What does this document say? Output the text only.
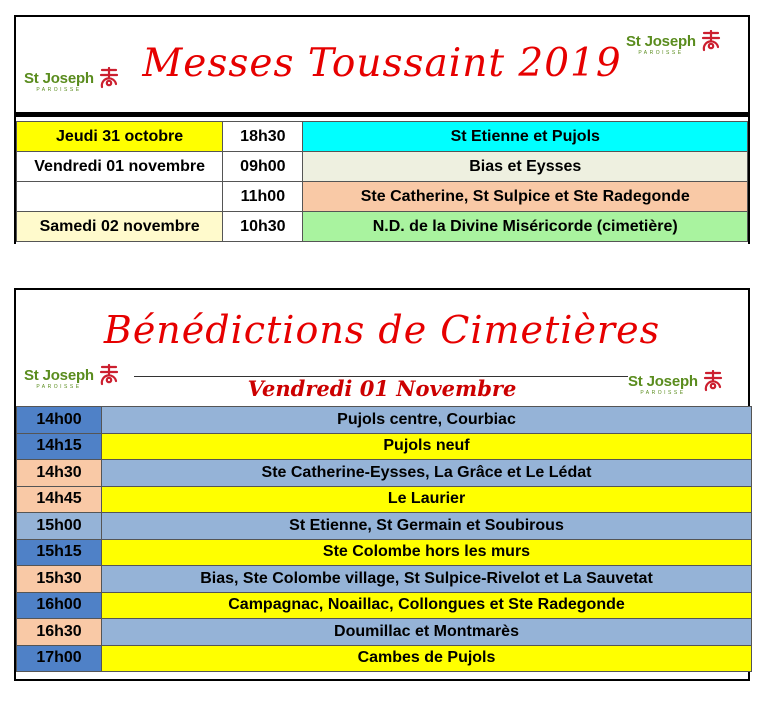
St Joseph
PAROISSE
St Joseph
PAROISSE
Messes Toussaint 2019
Jeudi 31 octobre	18h30	St Etienne et Pujols
Vendredi 01 novembre	09h00	Bias et Eysses
	11h00	Ste Catherine, St Sulpice et Ste Radegonde
Samedi 02 novembre	10h30	N.D. de la Divine Miséricorde (cimetière)
Bénédictions de Cimetières
St Joseph
PAROISSE	St Joseph
PAROISSE
Vendredi 01 Novembre
14h00	Pujols centre, Courbiac
14h15	Pujols neuf
14h30	Ste Catherine-Eysses, La Grâce et Le Lédat
14h45	Le Laurier
15h00	St Etienne, St Germain et Soubirous
15h15	Ste Colombe hors les murs
15h30	Bias, Ste Colombe village, St Sulpice-Rivelot et La Sauvetat
16h00	Campagnac, Noaillac, Collongues et Ste Radegonde
16h30	Doumillac et Montmarès
17h00	Cambes de Pujols
